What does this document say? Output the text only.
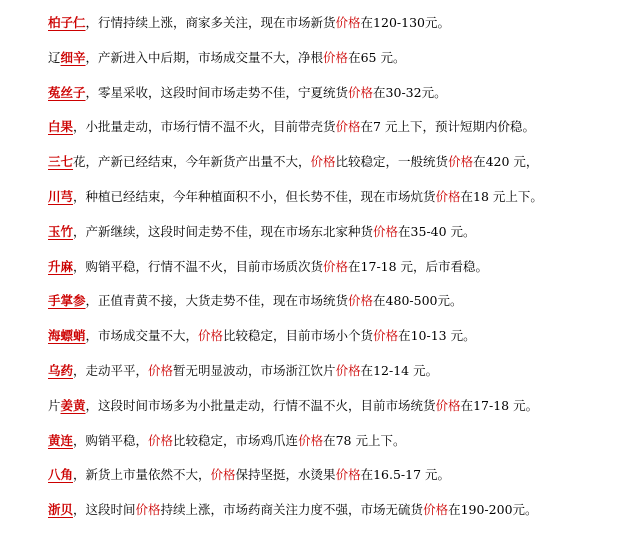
柏子仁，行情持续上涨，商家多关注，现在市场新货价格在120-130元。
辽细辛，产新进入中后期，市场成交量不大，净根价格在65 元。
菟丝子，零星采收，这段时间市场走势不佳，宁夏统货价格在30-32元。
白果，小批量走动，市场行情不温不火，目前带壳货价格在7 元上下，预计短期内价稳。
三七花，产新已经结束，今年新货产出量不大，价格比较稳定，一般统货价格在420 元，
川芎，种植已经结束，今年种植面积不小，但长势不佳，现在市场炕货价格在18 元上下。
玉竹，产新继续，这段时间走势不佳，现在市场东北家种货价格在35-40 元。
升麻，购销平稳，行情不温不火，目前市场质次货价格在17-18 元，后市看稳。
手掌参，正值青黄不接，大货走势不佳，现在市场统货价格在480-500元。
海螵蛸，市场成交量不大，价格比较稳定，目前市场小个货价格在10-13 元。
乌药，走动平平，价格暂无明显波动，市场浙江饮片价格在12-14 元。
片姜黄，这段时间市场多为小批量走动，行情不温不火，目前市场统货价格在17-18 元。
黄连，购销平稳，价格比较稳定，市场鸡爪连价格在78 元上下。
八角，新货上市量依然不大，价格保持坚挺，水烫果价格在16.5-17 元。
浙贝，这段时间价格持续上涨，市场药商关注力度不强，市场无硫货价格在190-200元。
